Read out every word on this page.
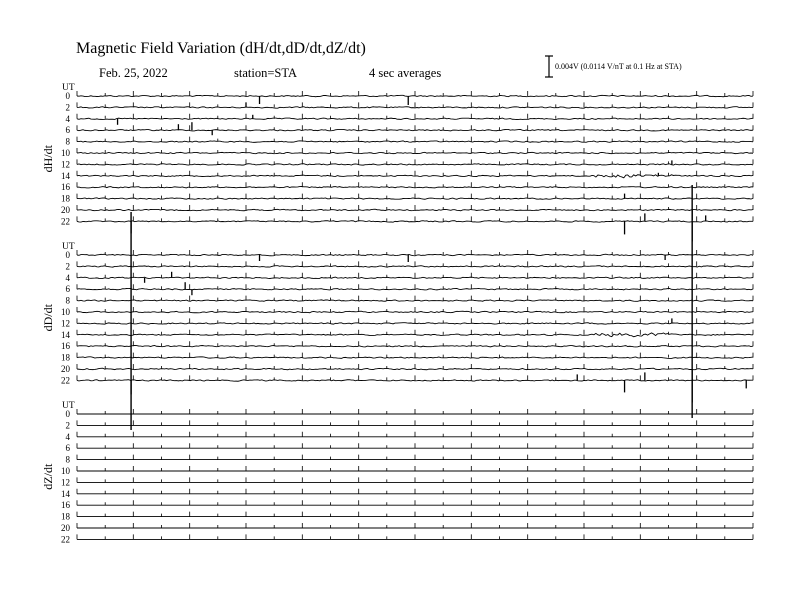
Magnetic Field Variation (dH/dt,dD/dt,dZ/dt)
Feb. 25, 2022	station=STA	4 sec averages	0.004V (0.0114 V/nT at 0.1 Hz at STA)
UT
dH/dt
0
2
4
6
8
10
12
14
16
18
20
22
UT
dD/dt
0
2
4
6
8
10
12
14
16
18
20
22
UT
dZ/dt
0
2
4
6
8
10
12
14
16
18
20
22
